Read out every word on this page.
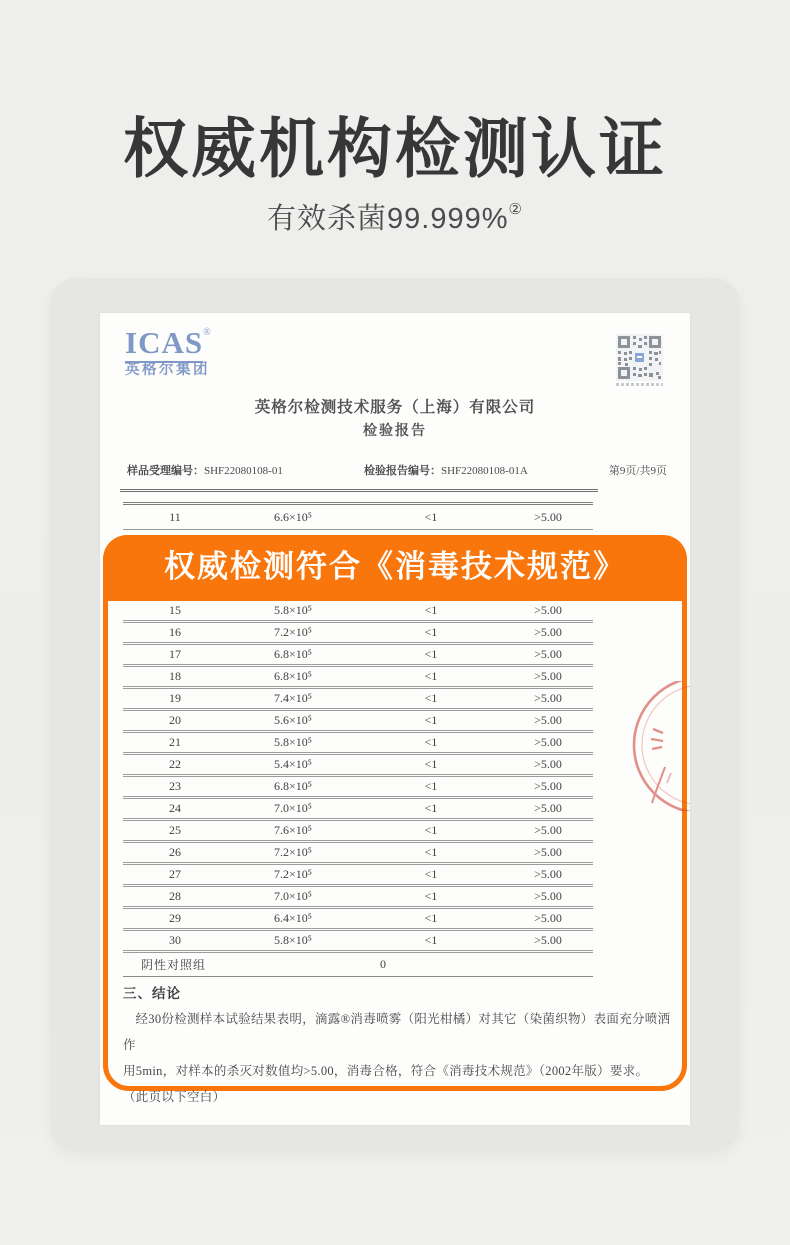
权威机构检测认证
有效杀菌99.999%②
ICAS®
英格尔集团
英格尔检测技术服务（上海）有限公司
检验报告
样品受理编号：SHF22080108-01	检验报告编号：SHF22080108-01A	第9页/共9页
11	6.6×10⁵	<1	>5.00
权威检测符合《消毒技术规范》
15	5.8×10⁵	<1	>5.00
16	7.2×10⁵	<1	>5.00
17	6.8×10⁵	<1	>5.00
18	6.8×10⁵	<1	>5.00
19	7.4×10⁵	<1	>5.00
20	5.6×10⁵	<1	>5.00
21	5.8×10⁵	<1	>5.00
22	5.4×10⁵	<1	>5.00
23	6.8×10⁵	<1	>5.00
24	7.0×10⁵	<1	>5.00
25	7.6×10⁵	<1	>5.00
26	7.2×10⁵	<1	>5.00
27	7.2×10⁵	<1	>5.00
28	7.0×10⁵	<1	>5.00
29	6.4×10⁵	<1	>5.00
30	5.8×10⁵	<1	>5.00
阴性对照组	0
三、结论
经30份检测样本试验结果表明，滴露®消毒喷雾（阳光柑橘）对其它（染菌织物）表面充分喷洒作
用5min，对样本的杀灭对数值均>5.00，消毒合格，符合《消毒技术规范》（2002年版）要求。
（此页以下空白）
